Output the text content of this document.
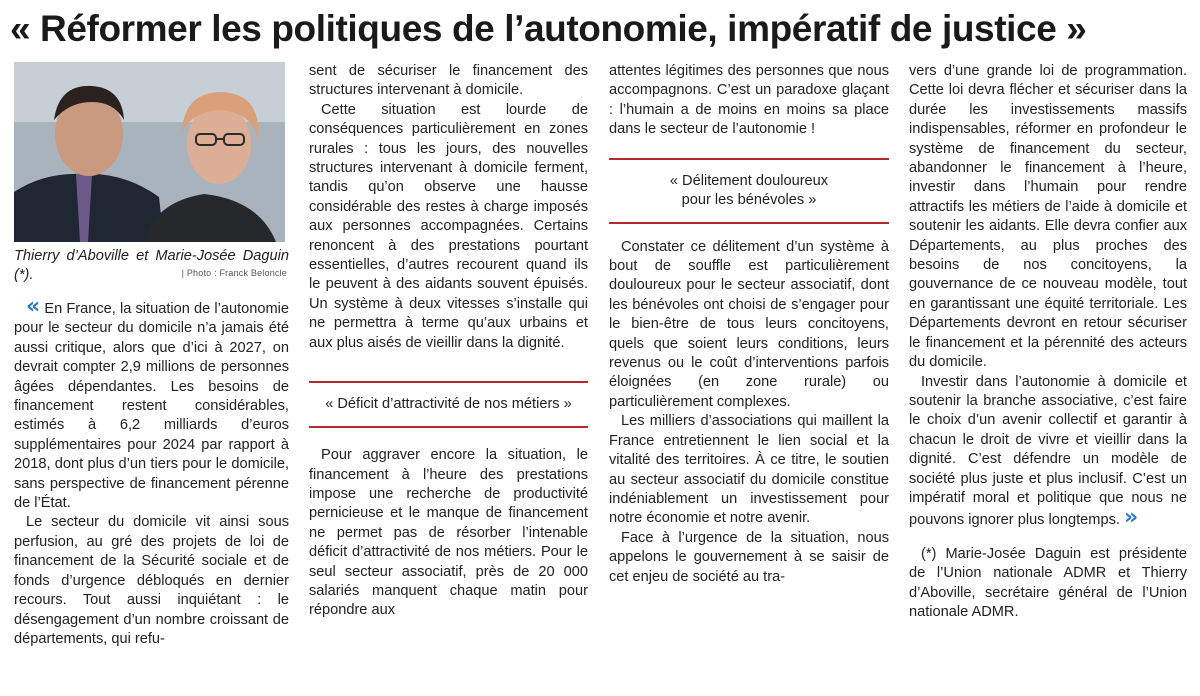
« Réformer les politiques de l’autonomie, impératif de justice »
Thierry d’Aboville et Marie-Josée Daguin (*).	| Photo : Franck Beloncle

« En France, la situation de l’autonomie pour le secteur du domicile n’a jamais été aussi critique, alors que d’ici à 2027, on devrait compter 2,9 millions de personnes âgées dépendantes. Les besoins de financement restent considérables, estimés à 6,2 milliards d’euros supplémentaires pour 2024 par rapport à 2018, dont plus d’un tiers pour le domicile, sans perspective de financement pérenne de l’État.

Le secteur du domicile vit ainsi sous perfusion, au gré des projets de loi de financement de la Sécurité sociale et de fonds d’urgence débloqués en dernier recours. Tout aussi inquiétant : le désengagement d’un nombre croissant de départements, qui refu-

sent de sécuriser le financement des structures intervenant à domicile.

Cette situation est lourde de conséquences particulièrement en zones rurales : tous les jours, des nouvelles structures intervenant à domicile ferment, tandis qu’on observe une hausse considérable des restes à charge imposés aux personnes accompagnées. Certains renoncent à des prestations pourtant essentielles, d’autres recourent quand ils le peuvent à des aidants souvent épuisés. Un système à deux vitesses s’installe qui ne permettra à terme qu’aux urbains et aux plus aisés de vieillir dans la dignité.

« Déficit d’attractivité de nos métiers »

Pour aggraver encore la situation, le financement à l’heure des prestations impose une recherche de productivité pernicieuse et le manque de financement ne permet pas de résorber l’intenable déficit d’attractivité de nos métiers. Pour le seul secteur associatif, près de 20 000 salariés manquent chaque matin pour répondre aux

attentes légitimes des personnes que nous accompagnons. C’est un paradoxe glaçant : l’humain a de moins en moins sa place dans le secteur de l’autonomie !

« Délitement douloureux
pour les bénévoles »

Constater ce délitement d’un système à bout de souffle est particulièrement douloureux pour le secteur associatif, dont les bénévoles ont choisi de s’engager pour le bien-être de tous leurs concitoyens, quels que soient leurs conditions, leurs revenus ou le coût d’interventions parfois éloignées (en zone rurale) ou particulièrement complexes.

Les milliers d’associations qui maillent la France entretiennent le lien social et la vitalité des territoires. À ce titre, le soutien au secteur associatif du domicile constitue indéniablement un investissement pour notre économie et notre avenir.

Face à l’urgence de la situation, nous appelons le gouvernement à se saisir de cet enjeu de société au tra-

vers d’une grande loi de programmation. Cette loi devra flécher et sécuriser dans la durée les investissements massifs indispensables, réformer en profondeur le système de financement du secteur, abandonner le financement à l’heure, investir dans l’humain pour rendre attractifs les métiers de l’aide à domicile et soutenir les aidants. Elle devra confier aux Départements, au plus proches des besoins de nos concitoyens, la gouvernance de ce nouveau modèle, tout en garantissant une équité territoriale. Les Départements devront en retour sécuriser le financement et la pérennité des acteurs du domicile.

Investir dans l’autonomie à domicile et soutenir la branche associative, c’est faire le choix d’un avenir collectif et garantir à chacun le droit de vivre et vieillir dans la dignité. C’est défendre un modèle de société plus juste et plus inclusif. C’est un impératif moral et politique que nous ne pouvons ignorer plus longtemps. »

(*) Marie-Josée Daguin est présidente de l’Union nationale ADMR et Thierry d’Aboville, secrétaire général de l’Union nationale ADMR.
